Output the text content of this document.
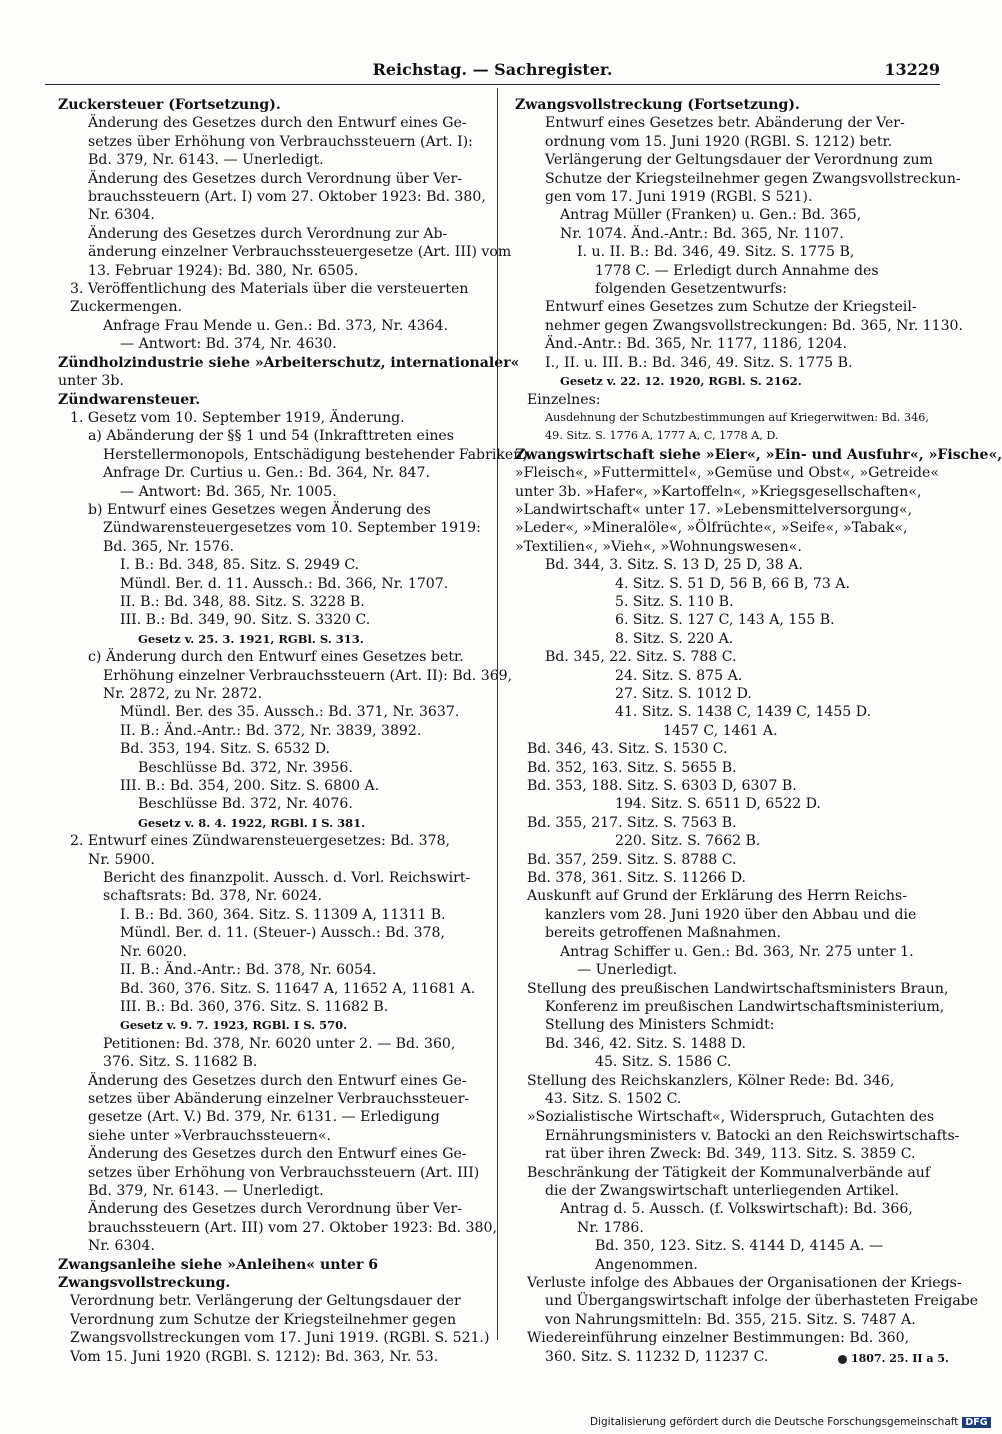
Reichstag. — Sachregister.	13229
Zuckersteuer (Fortsetzung).
Änderung des Gesetzes durch den Entwurf eines Ge-
setzes über Erhöhung von Verbrauchssteuern (Art. I):
Bd. 379, Nr. 6143. — Unerledigt.
Änderung des Gesetzes durch Verordnung über Ver-
brauchssteuern (Art. I) vom 27. Oktober 1923: Bd. 380,
Nr. 6304.
Änderung des Gesetzes durch Verordnung zur Ab-
änderung einzelner Verbrauchssteuergesetze (Art. III) vom
13. Februar 1924): Bd. 380, Nr. 6505.
3. Veröffentlichung des Materials über die versteuerten
Zuckermengen.
Anfrage Frau Mende u. Gen.: Bd. 373, Nr. 4364.
— Antwort: Bd. 374, Nr. 4630.
Zündholzindustrie siehe »Arbeiterschutz, internationaler«
unter 3b.
Zündwarensteuer.
1. Gesetz vom 10. September 1919, Änderung.
a) Abänderung der §§ 1 und 54 (Inkrafttreten eines
Herstellermonopols, Entschädigung bestehender Fabriken).
Anfrage Dr. Curtius u. Gen.: Bd. 364, Nr. 847.
— Antwort: Bd. 365, Nr. 1005.
b) Entwurf eines Gesetzes wegen Änderung des
Zündwarensteuergesetzes vom 10. September 1919:
Bd. 365, Nr. 1576.
I. B.: Bd. 348, 85. Sitz. S. 2949 C.
Mündl. Ber. d. 11. Aussch.: Bd. 366, Nr. 1707.
II. B.: Bd. 348, 88. Sitz. S. 3228 B.
III. B.: Bd. 349, 90. Sitz. S. 3320 C.
Gesetz v. 25. 3. 1921, RGBl. S. 313.
c) Änderung durch den Entwurf eines Gesetzes betr.
Erhöhung einzelner Verbrauchssteuern (Art. II): Bd. 369,
Nr. 2872, zu Nr. 2872.
Mündl. Ber. des 35. Aussch.: Bd. 371, Nr. 3637.
II. B.: Änd.-Antr.: Bd. 372, Nr. 3839, 3892.
Bd. 353, 194. Sitz. S. 6532 D.
Beschlüsse Bd. 372, Nr. 3956.
III. B.: Bd. 354, 200. Sitz. S. 6800 A.
Beschlüsse Bd. 372, Nr. 4076.
Gesetz v. 8. 4. 1922, RGBl. I S. 381.
2. Entwurf eines Zündwarensteuergesetzes: Bd. 378,
Nr. 5900.
Bericht des finanzpolit. Aussch. d. Vorl. Reichswirt-
schaftsrats: Bd. 378, Nr. 6024.
I. B.: Bd. 360, 364. Sitz. S. 11309 A, 11311 B.
Mündl. Ber. d. 11. (Steuer-) Aussch.: Bd. 378,
Nr. 6020.
II. B.: Änd.-Antr.: Bd. 378, Nr. 6054.
Bd. 360, 376. Sitz. S. 11647 A, 11652 A, 11681 A.
III. B.: Bd. 360, 376. Sitz. S. 11682 B.
Gesetz v. 9. 7. 1923, RGBl. I S. 570.
Petitionen: Bd. 378, Nr. 6020 unter 2. — Bd. 360,
376. Sitz. S. 11682 B.
Änderung des Gesetzes durch den Entwurf eines Ge-
setzes über Abänderung einzelner Verbrauchssteuer-
gesetze (Art. V.) Bd. 379, Nr. 6131. — Erledigung
siehe unter »Verbrauchssteuern«.
Änderung des Gesetzes durch den Entwurf eines Ge-
setzes über Erhöhung von Verbrauchssteuern (Art. III)
Bd. 379, Nr. 6143. — Unerledigt.
Änderung des Gesetzes durch Verordnung über Ver-
brauchssteuern (Art. III) vom 27. Oktober 1923: Bd. 380,
Nr. 6304.
Zwangsanleihe siehe »Anleihen« unter 6
Zwangsvollstreckung.
Verordnung betr. Verlängerung der Geltungsdauer der
Verordnung zum Schutze der Kriegsteilnehmer gegen
Zwangsvollstreckungen vom 17. Juni 1919. (RGBl. S. 521.)
Vom 15. Juni 1920 (RGBl. S. 1212): Bd. 363, Nr. 53.
Zwangsvollstreckung (Fortsetzung).
Entwurf eines Gesetzes betr. Abänderung der Ver-
ordnung vom 15. Juni 1920 (RGBl. S. 1212) betr.
Verlängerung der Geltungsdauer der Verordnung zum
Schutze der Kriegsteilnehmer gegen Zwangsvollstreckun-
gen vom 17. Juni 1919 (RGBl. S 521).
Antrag Müller (Franken) u. Gen.: Bd. 365,
Nr. 1074. Änd.-Antr.: Bd. 365, Nr. 1107.
I. u. II. B.: Bd. 346, 49. Sitz. S. 1775 B,
1778 C. — Erledigt durch Annahme des
folgenden Gesetzentwurfs:
Entwurf eines Gesetzes zum Schutze der Kriegsteil-
nehmer gegen Zwangsvollstreckungen: Bd. 365, Nr. 1130.
Änd.-Antr.: Bd. 365, Nr. 1177, 1186, 1204.
I., II. u. III. B.: Bd. 346, 49. Sitz. S. 1775 B.
Gesetz v. 22. 12. 1920, RGBl. S. 2162.
Einzelnes:
Ausdehnung der Schutzbestimmungen auf Kriegerwitwen: Bd. 346,
49. Sitz. S. 1776 A, 1777 A, C, 1778 A, D.
Zwangswirtschaft siehe »Eier«, »Ein- und Ausfuhr«, »Fische«,
»Fleisch«, »Futtermittel«, »Gemüse und Obst«, »Getreide«
unter 3b. »Hafer«, »Kartoffeln«, »Kriegsgesellschaften«,
»Landwirtschaft« unter 17. »Lebensmittelversorgung«,
»Leder«, »Mineralöle«, »Ölfrüchte«, »Seife«, »Tabak«,
»Textilien«, »Vieh«, »Wohnungswesen«.
Bd. 344, 3. Sitz. S. 13 D, 25 D, 38 A.
4. Sitz. S. 51 D, 56 B, 66 B, 73 A.
5. Sitz. S. 110 B.
6. Sitz. S. 127 C, 143 A, 155 B.
8. Sitz. S. 220 A.
Bd. 345, 22. Sitz. S. 788 C.
24. Sitz. S. 875 A.
27. Sitz. S. 1012 D.
41. Sitz. S. 1438 C, 1439 C, 1455 D.
1457 C, 1461 A.
Bd. 346, 43. Sitz. S. 1530 C.
Bd. 352, 163. Sitz. S. 5655 B.
Bd. 353, 188. Sitz. S. 6303 D, 6307 B.
194. Sitz. S. 6511 D, 6522 D.
Bd. 355, 217. Sitz. S. 7563 B.
220. Sitz. S. 7662 B.
Bd. 357, 259. Sitz. S. 8788 C.
Bd. 378, 361. Sitz. S. 11266 D.
Auskunft auf Grund der Erklärung des Herrn Reichs-
kanzlers vom 28. Juni 1920 über den Abbau und die
bereits getroffenen Maßnahmen.
Antrag Schiffer u. Gen.: Bd. 363, Nr. 275 unter 1.
— Unerledigt.
Stellung des preußischen Landwirtschaftsministers Braun,
Konferenz im preußischen Landwirtschaftsministerium,
Stellung des Ministers Schmidt:
Bd. 346, 42. Sitz. S. 1488 D.
45. Sitz. S. 1586 C.
Stellung des Reichskanzlers, Kölner Rede: Bd. 346,
43. Sitz. S. 1502 C.
»Sozialistische Wirtschaft«, Widerspruch, Gutachten des
Ernährungsministers v. Batocki an den Reichswirtschafts-
rat über ihren Zweck: Bd. 349, 113. Sitz. S. 3859 C.
Beschränkung der Tätigkeit der Kommunalverbände auf
die der Zwangswirtschaft unterliegenden Artikel.
Antrag d. 5. Aussch. (f. Volkswirtschaft): Bd. 366,
Nr. 1786.
Bd. 350, 123. Sitz. S. 4144 D, 4145 A. —
Angenommen.
Verluste infolge des Abbaues der Organisationen der Kriegs-
und Übergangswirtschaft infolge der überhasteten Freigabe
von Nahrungsmitteln: Bd. 355, 215. Sitz. S. 7487 A.
Wiedereinführung einzelner Bestimmungen: Bd. 360,
360. Sitz. S. 11232 D, 11237 C.	1807. 25. II a 5.
Digitalisierung gefördert durch die Deutsche Forschungsgemeinschaft DFG
